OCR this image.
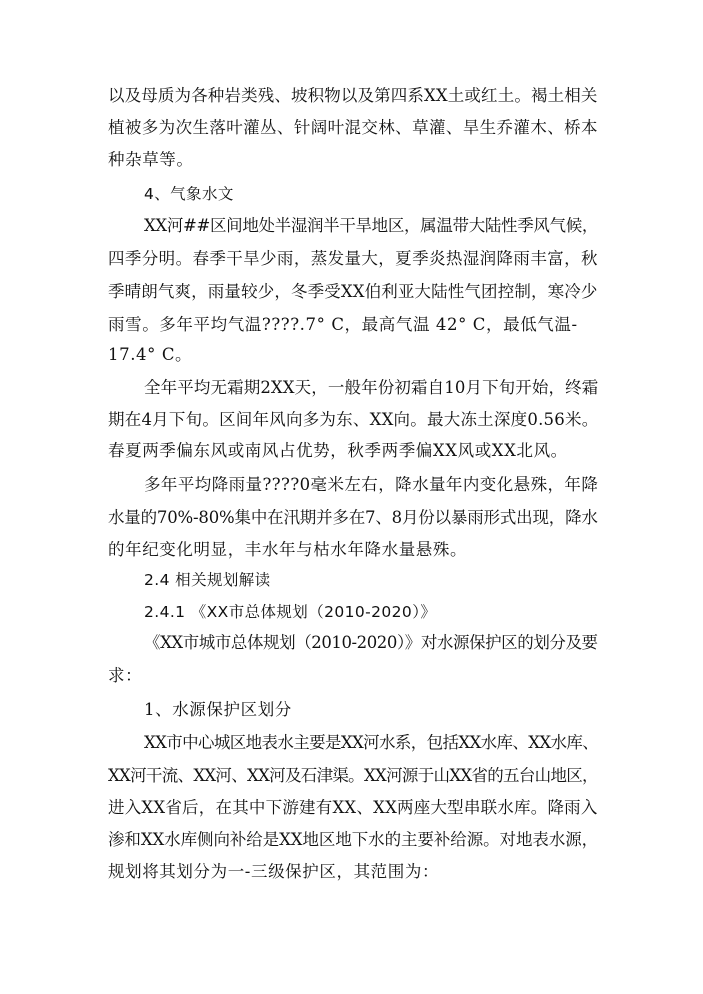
以及母质为各种岩类残、坡积物以及第四系XX土或红土。褐土相关
植被多为次生落叶灌丛、针阔叶混交林、草灌、旱生乔灌木、桥本
种杂草等。
4、气象水文
XX河##区间地处半湿润半干旱地区，属温带大陆性季风气候，
四季分明。春季干旱少雨，蒸发量大，夏季炎热湿润降雨丰富，秋
季晴朗气爽，雨量较少，冬季受XX伯利亚大陆性气团控制，寒冷少
雨雪。多年平均气温????.7° C，最高气温 42° C，最低气温-
17.4° C。
全年平均无霜期2XX天，一般年份初霜自10月下旬开始，终霜
期在4月下旬。区间年风向多为东、XX向。最大冻土深度0.56米。
春夏两季偏东风或南风占优势，秋季两季偏XX风或XX北风。
多年平均降雨量????0毫米左右，降水量年内变化悬殊，年降
水量的70%-80%集中在汛期并多在7、8月份以暴雨形式出现，降水
的年纪变化明显，丰水年与枯水年降水量悬殊。
2.4 相关规划解读
2.4.1 《XX市总体规划（2010-2020）》
《XX市城市总体规划（2010-2020）》对水源保护区的划分及要
求：
1、水源保护区划分
XX市中心城区地表水主要是XX河水系，包括XX水库、XX水库、
XX河干流、XX河、XX河及石津渠。XX河源于山XX省的五台山地区，
进入XX省后，在其中下游建有XX、XX两座大型串联水库。降雨入
渗和XX水库侧向补给是XX地区地下水的主要补给源。对地表水源，
规划将其划分为一-三级保护区，其范围为：
